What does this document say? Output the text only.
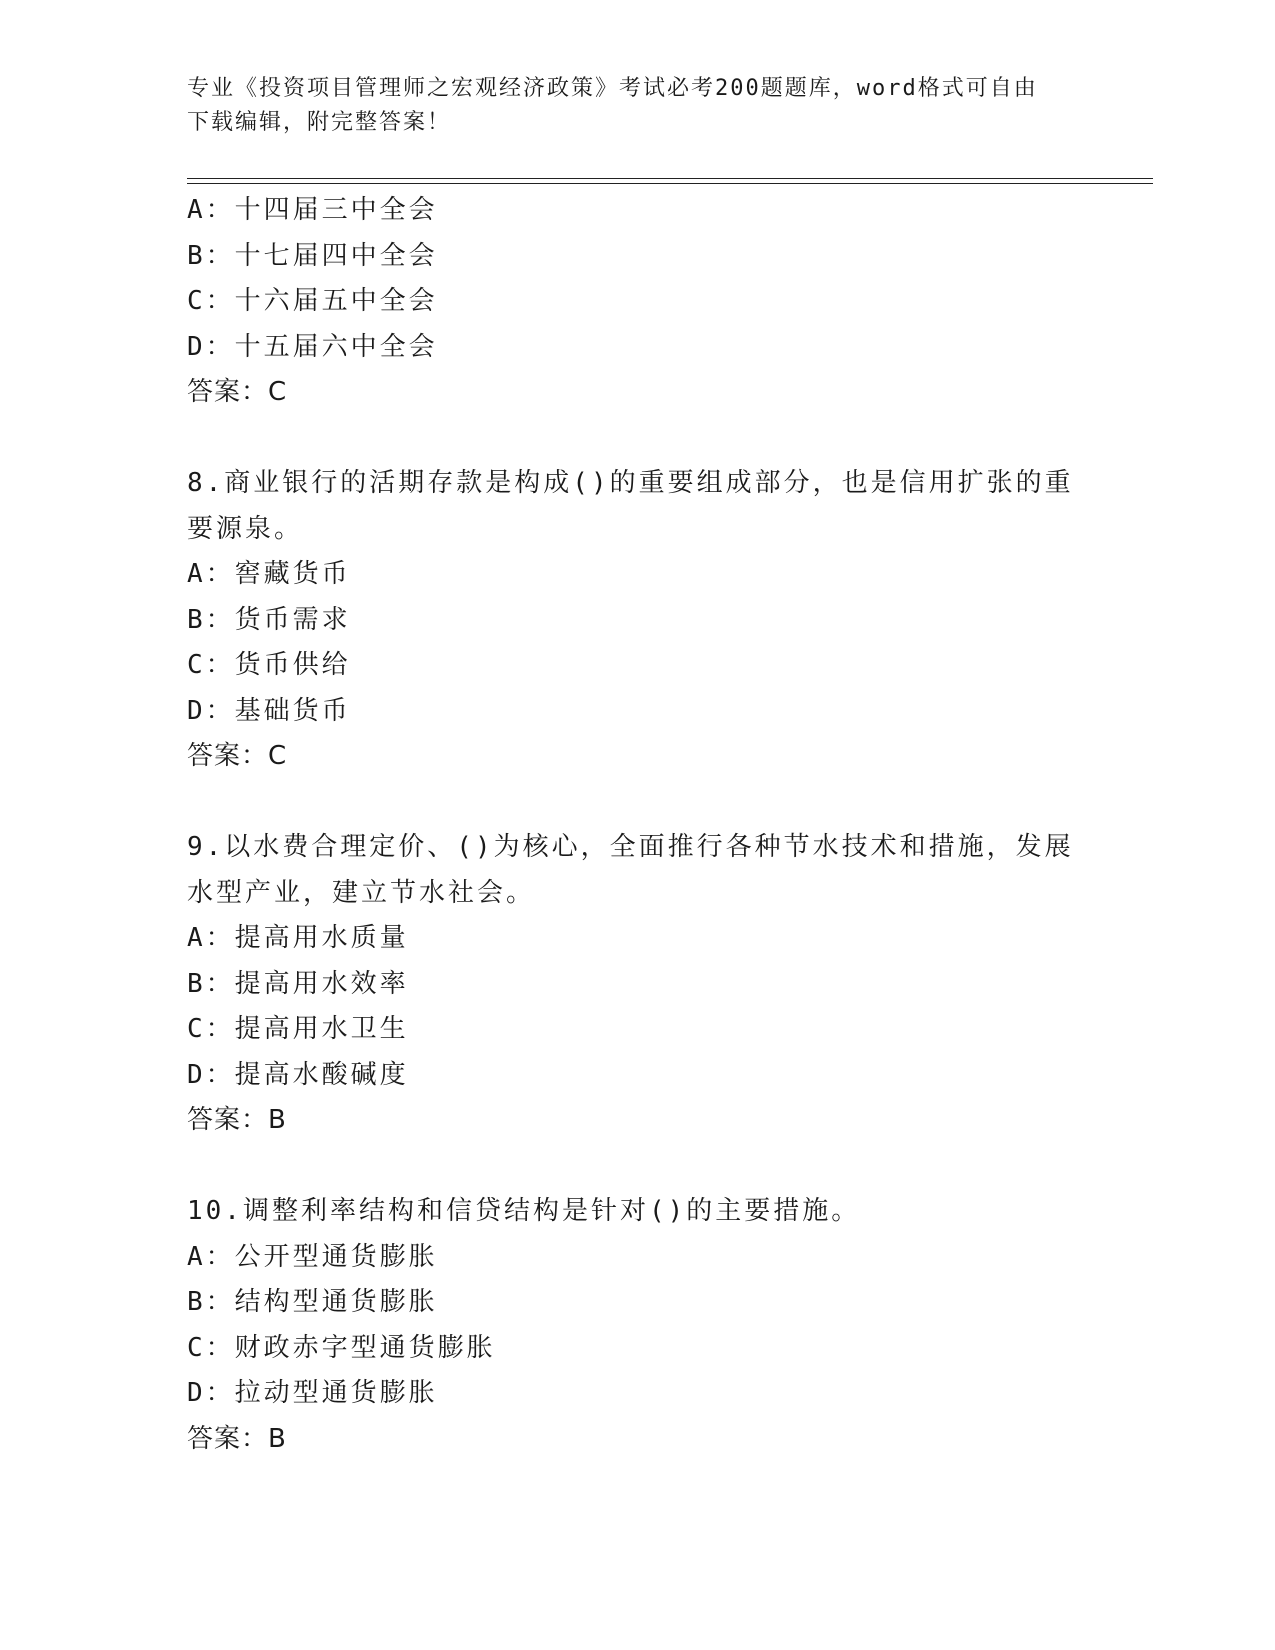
专业《投资项目管理师之宏观经济政策》考试必考200题题库，word格式可自由
下载编辑，附完整答案！
A：十四届三中全会
B：十七届四中全会
C：十六届五中全会
D：十五届六中全会
答案：C
8.商业银行的活期存款是构成()的重要组成部分，也是信用扩张的重
要源泉。
A：窖藏货币
B：货币需求
C：货币供给
D：基础货币
答案：C
9.以水费合理定价、()为核心，全面推行各种节水技术和措施，发展
水型产业，建立节水社会。
A：提高用水质量
B：提高用水效率
C：提高用水卫生
D：提高水酸碱度
答案：B
10.调整利率结构和信贷结构是针对()的主要措施。
A：公开型通货膨胀
B：结构型通货膨胀
C：财政赤字型通货膨胀
D：拉动型通货膨胀
答案：B
